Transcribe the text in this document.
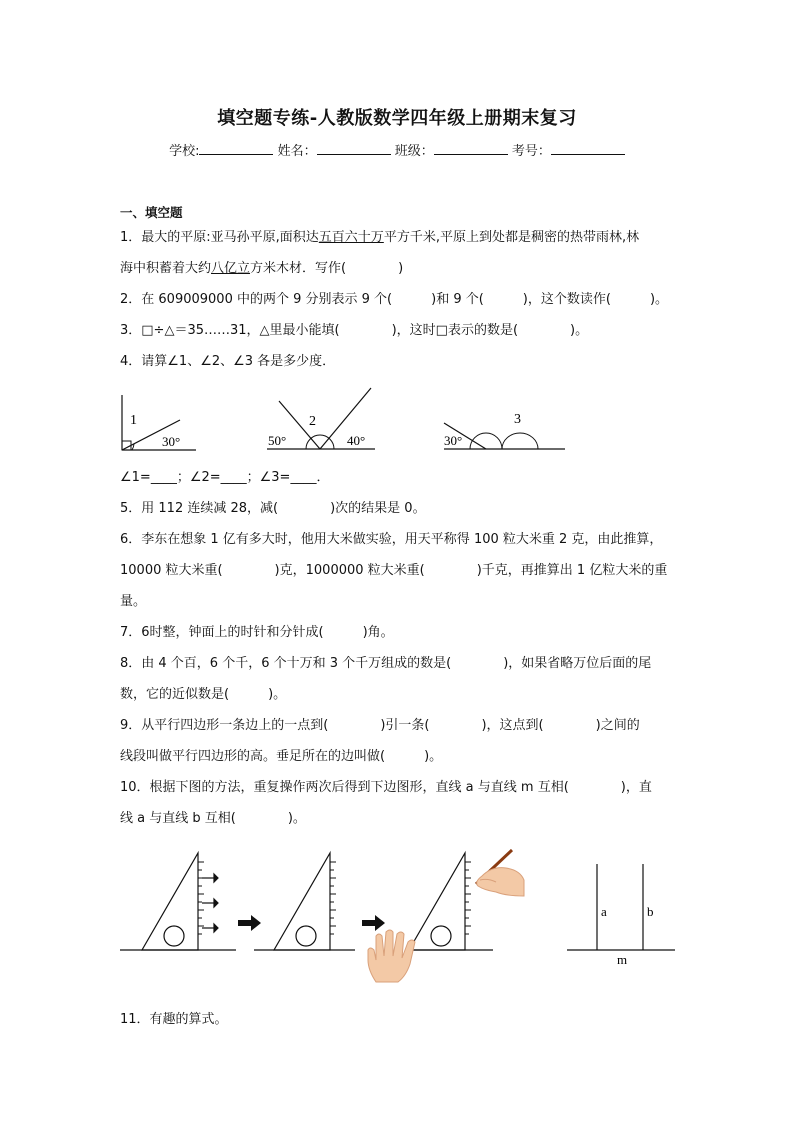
填空题专练-人教版数学四年级上册期末复习
学校:	姓名：	班级：	考号：
一、填空题
1．最大的平原:亚马孙平原,面积达五百六十万平方千米,平原上到处都是稠密的热带雨林,林
海中积蓄着大约八亿立方米木材．写作(　　　　)
2．在 609009000 中的两个 9 分别表示 9 个(　　　)和 9 个(　　　)，这个数读作(　　　)。
3．□÷△＝35……31，△里最小能填(　　　　)，这时□表示的数是(　　　　)。
4．请算∠1、∠2、∠3 各是多少度．
1
30°
2
50°	40°
3
30°
∠1=____；∠2=____；∠3=____．
5．用 112 连续减 28，减(　　　　)次的结果是 0。
6．李东在想象 1 亿有多大时，他用大米做实验，用天平称得 100 粒大米重 2 克，由此推算，
10000 粒大米重(　　　　)克，1000000 粒大米重(　　　　)千克，再推算出 1 亿粒大米的重
量。
7．6时整，钟面上的时针和分针成(　　　)角。
8．由 4 个百，6 个千，6 个十万和 3 个千万组成的数是(　　　　)，如果省略万位后面的尾
数，它的近似数是(　　　)。
9．从平行四边形一条边上的一点到(　　　　)引一条(　　　　)，这点到(　　　　)之间的
线段叫做平行四边形的高。垂足所在的边叫做(　　　)。
10．根据下图的方法，重复操作两次后得到下边图形，直线 a 与直线 m 互相(　　　　)，直
线 a 与直线 b 互相(　　　　)。
a	b
m
11．有趣的算式。
